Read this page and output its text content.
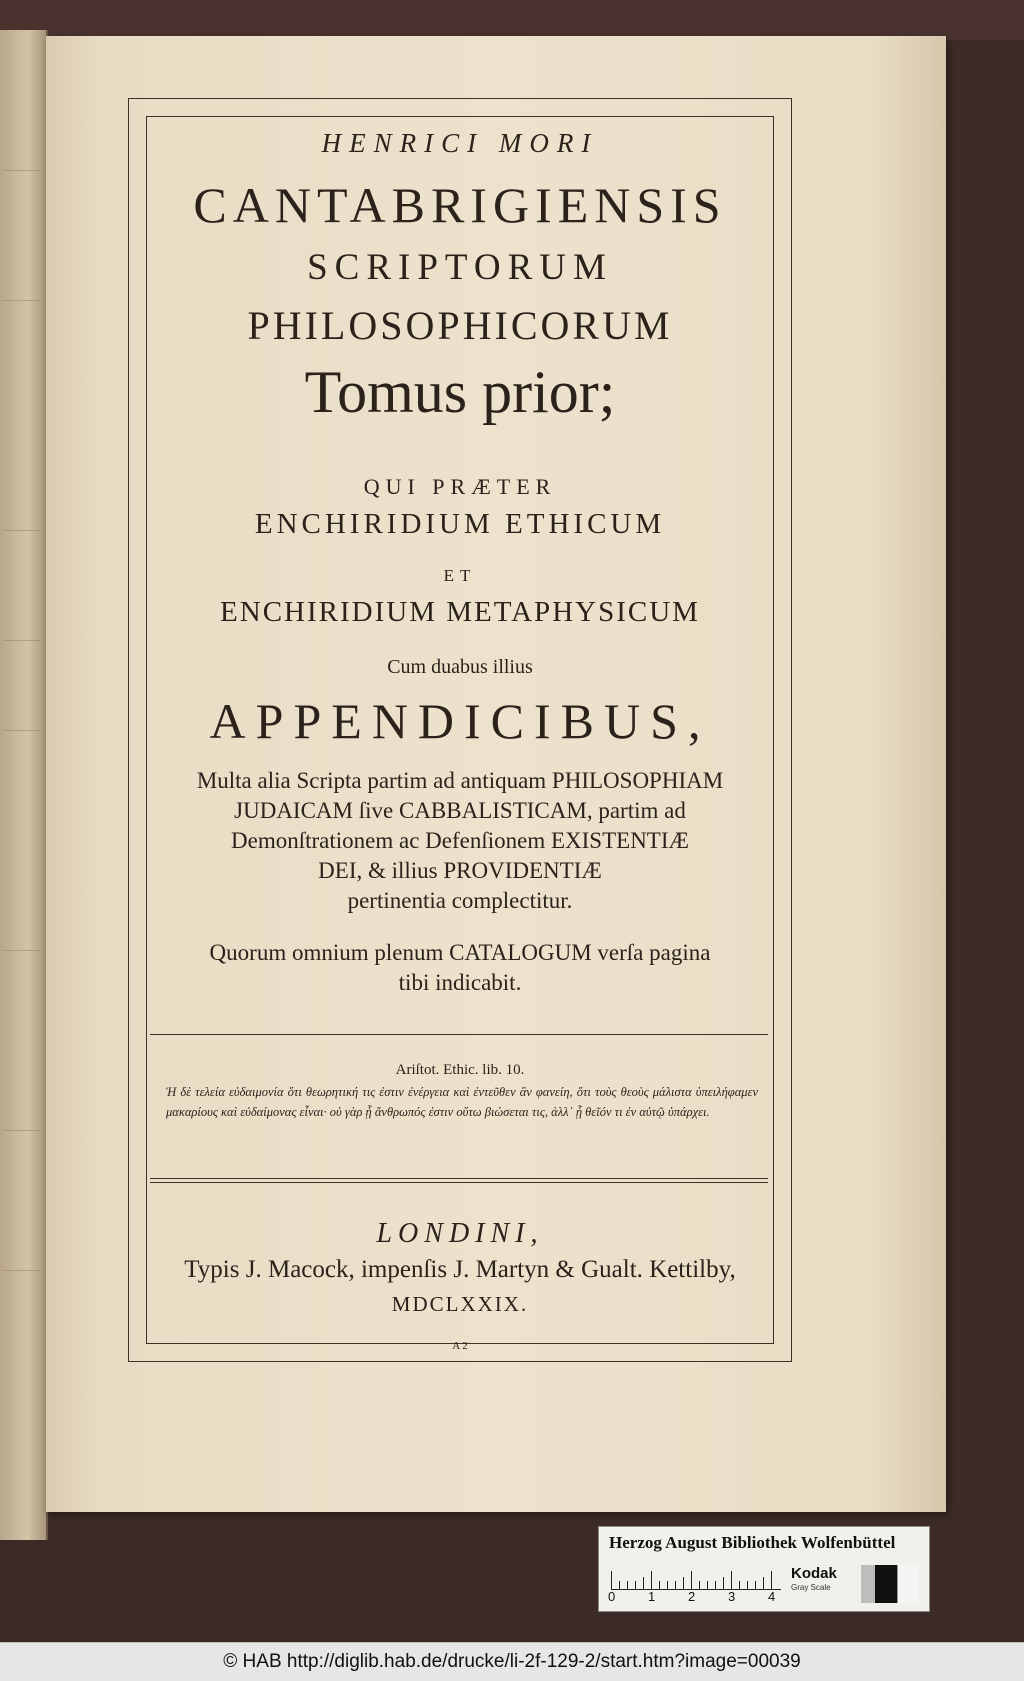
HENRICI MORI
CANTABRIGIENSIS
SCRIPTORUM
PHILOSOPHICORUM
Tomus prior;
QUI PRÆTER
ENCHIRIDIUM ETHICUM
ET
ENCHIRIDIUM METAPHYSICUM
Cum duabus illius
APPENDICIBUS,
Multa alia Scripta partim ad antiquam PHILOSOPHIAM
JUDAICAM ſive CABBALISTICAM, partim ad
Demonſtrationem ac Defenſionem EXISTENTIÆ
DEI, & illius PROVIDENTIÆ
pertinentia complectitur.
Quorum omnium plenum CATALOGUM verſa pagina
tibi indicabit.
Ariſtot. Ethic. lib. 10.
Ἡ δὲ τελεία εὐδαιμονία ὅτι θεωρητική τις ἐστιν ἐνέργεια καὶ ἐντεῦθεν ἂν φανείη, ὅτι τοὺς θεοὺς μάλιστα ὑπειλήφαμεν μακαρίους καὶ εὐδαίμονας εἶναι· οὐ γὰρ ᾗ ἄνθρωπός ἐστιν οὕτω βιώσεται τις, ἀλλ᾽ ᾗ θεῖόν τι ἐν αὐτῷ ὑπάρχει.
LONDINI,
Typis J. Macock, impenſis J. Martyn & Gualt. Kettilby,
MDCLXXIX.
A 2
Herzog August Bibliothek Wolfenbüttel
0	1	2	3	4
Kodak
Gray Scale
© HAB http://diglib.hab.de/drucke/li-2f-129-2/start.htm?image=00039
